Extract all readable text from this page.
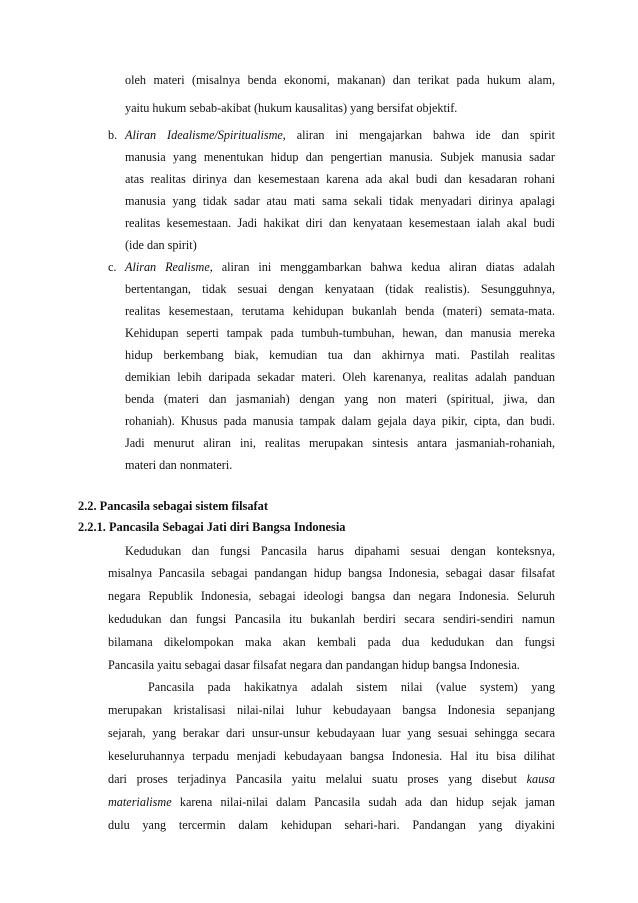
oleh materi (misalnya benda ekonomi, makanan) dan terikat pada hukum alam,
yaitu hukum sebab-akibat (hukum kausalitas) yang bersifat objektif.
b. Aliran Idealisme/Spiritualisme, aliran ini mengajarkan bahwa ide dan spirit
manusia yang menentukan hidup dan pengertian manusia. Subjek manusia sadar
atas realitas dirinya dan kesemestaan karena ada akal budi dan kesadaran rohani
manusia yang tidak sadar atau mati sama sekali tidak menyadari dirinya apalagi
realitas kesemestaan. Jadi hakikat diri dan kenyataan kesemestaan ialah akal budi
(ide dan spirit)
c. Aliran Realisme, aliran ini menggambarkan bahwa kedua aliran diatas adalah
bertentangan, tidak sesuai dengan kenyataan (tidak realistis). Sesungguhnya,
realitas kesemestaan, terutama kehidupan bukanlah benda (materi) semata-mata.
Kehidupan seperti tampak pada tumbuh-tumbuhan, hewan, dan manusia mereka
hidup berkembang biak, kemudian tua dan akhirnya mati. Pastilah realitas
demikian lebih daripada sekadar materi. Oleh karenanya, realitas adalah panduan
benda (materi dan jasmaniah) dengan yang non materi (spiritual, jiwa, dan
rohaniah). Khusus pada manusia tampak dalam gejala daya pikir, cipta, dan budi.
Jadi menurut aliran ini, realitas merupakan sintesis antara jasmaniah-rohaniah,
materi dan nonmateri.
2.2. Pancasila sebagai sistem filsafat
2.2.1. Pancasila Sebagai Jati diri Bangsa Indonesia
Kedudukan dan fungsi Pancasila harus dipahami sesuai dengan konteksnya,
misalnya Pancasila sebagai pandangan hidup bangsa Indonesia, sebagai dasar filsafat
negara Republik Indonesia, sebagai ideologi bangsa dan negara Indonesia. Seluruh
kedudukan dan fungsi Pancasila itu bukanlah berdiri secara sendiri-sendiri namun
bilamana dikelompokan maka akan kembali pada dua kedudukan dan fungsi
Pancasila yaitu sebagai dasar filsafat negara dan pandangan hidup bangsa Indonesia.
Pancasila pada hakikatnya adalah sistem nilai (value system) yang
merupakan kristalisasi nilai-nilai luhur kebudayaan bangsa Indonesia sepanjang
sejarah, yang berakar dari unsur-unsur kebudayaan luar yang sesuai sehingga secara
keseluruhannya terpadu menjadi kebudayaan bangsa Indonesia. Hal itu bisa dilihat
dari proses terjadinya Pancasila yaitu melalui suatu proses yang disebut kausa
materialisme karena nilai-nilai dalam Pancasila sudah ada dan hidup sejak jaman
dulu yang tercermin dalam kehidupan sehari-hari. Pandangan yang diyakini
